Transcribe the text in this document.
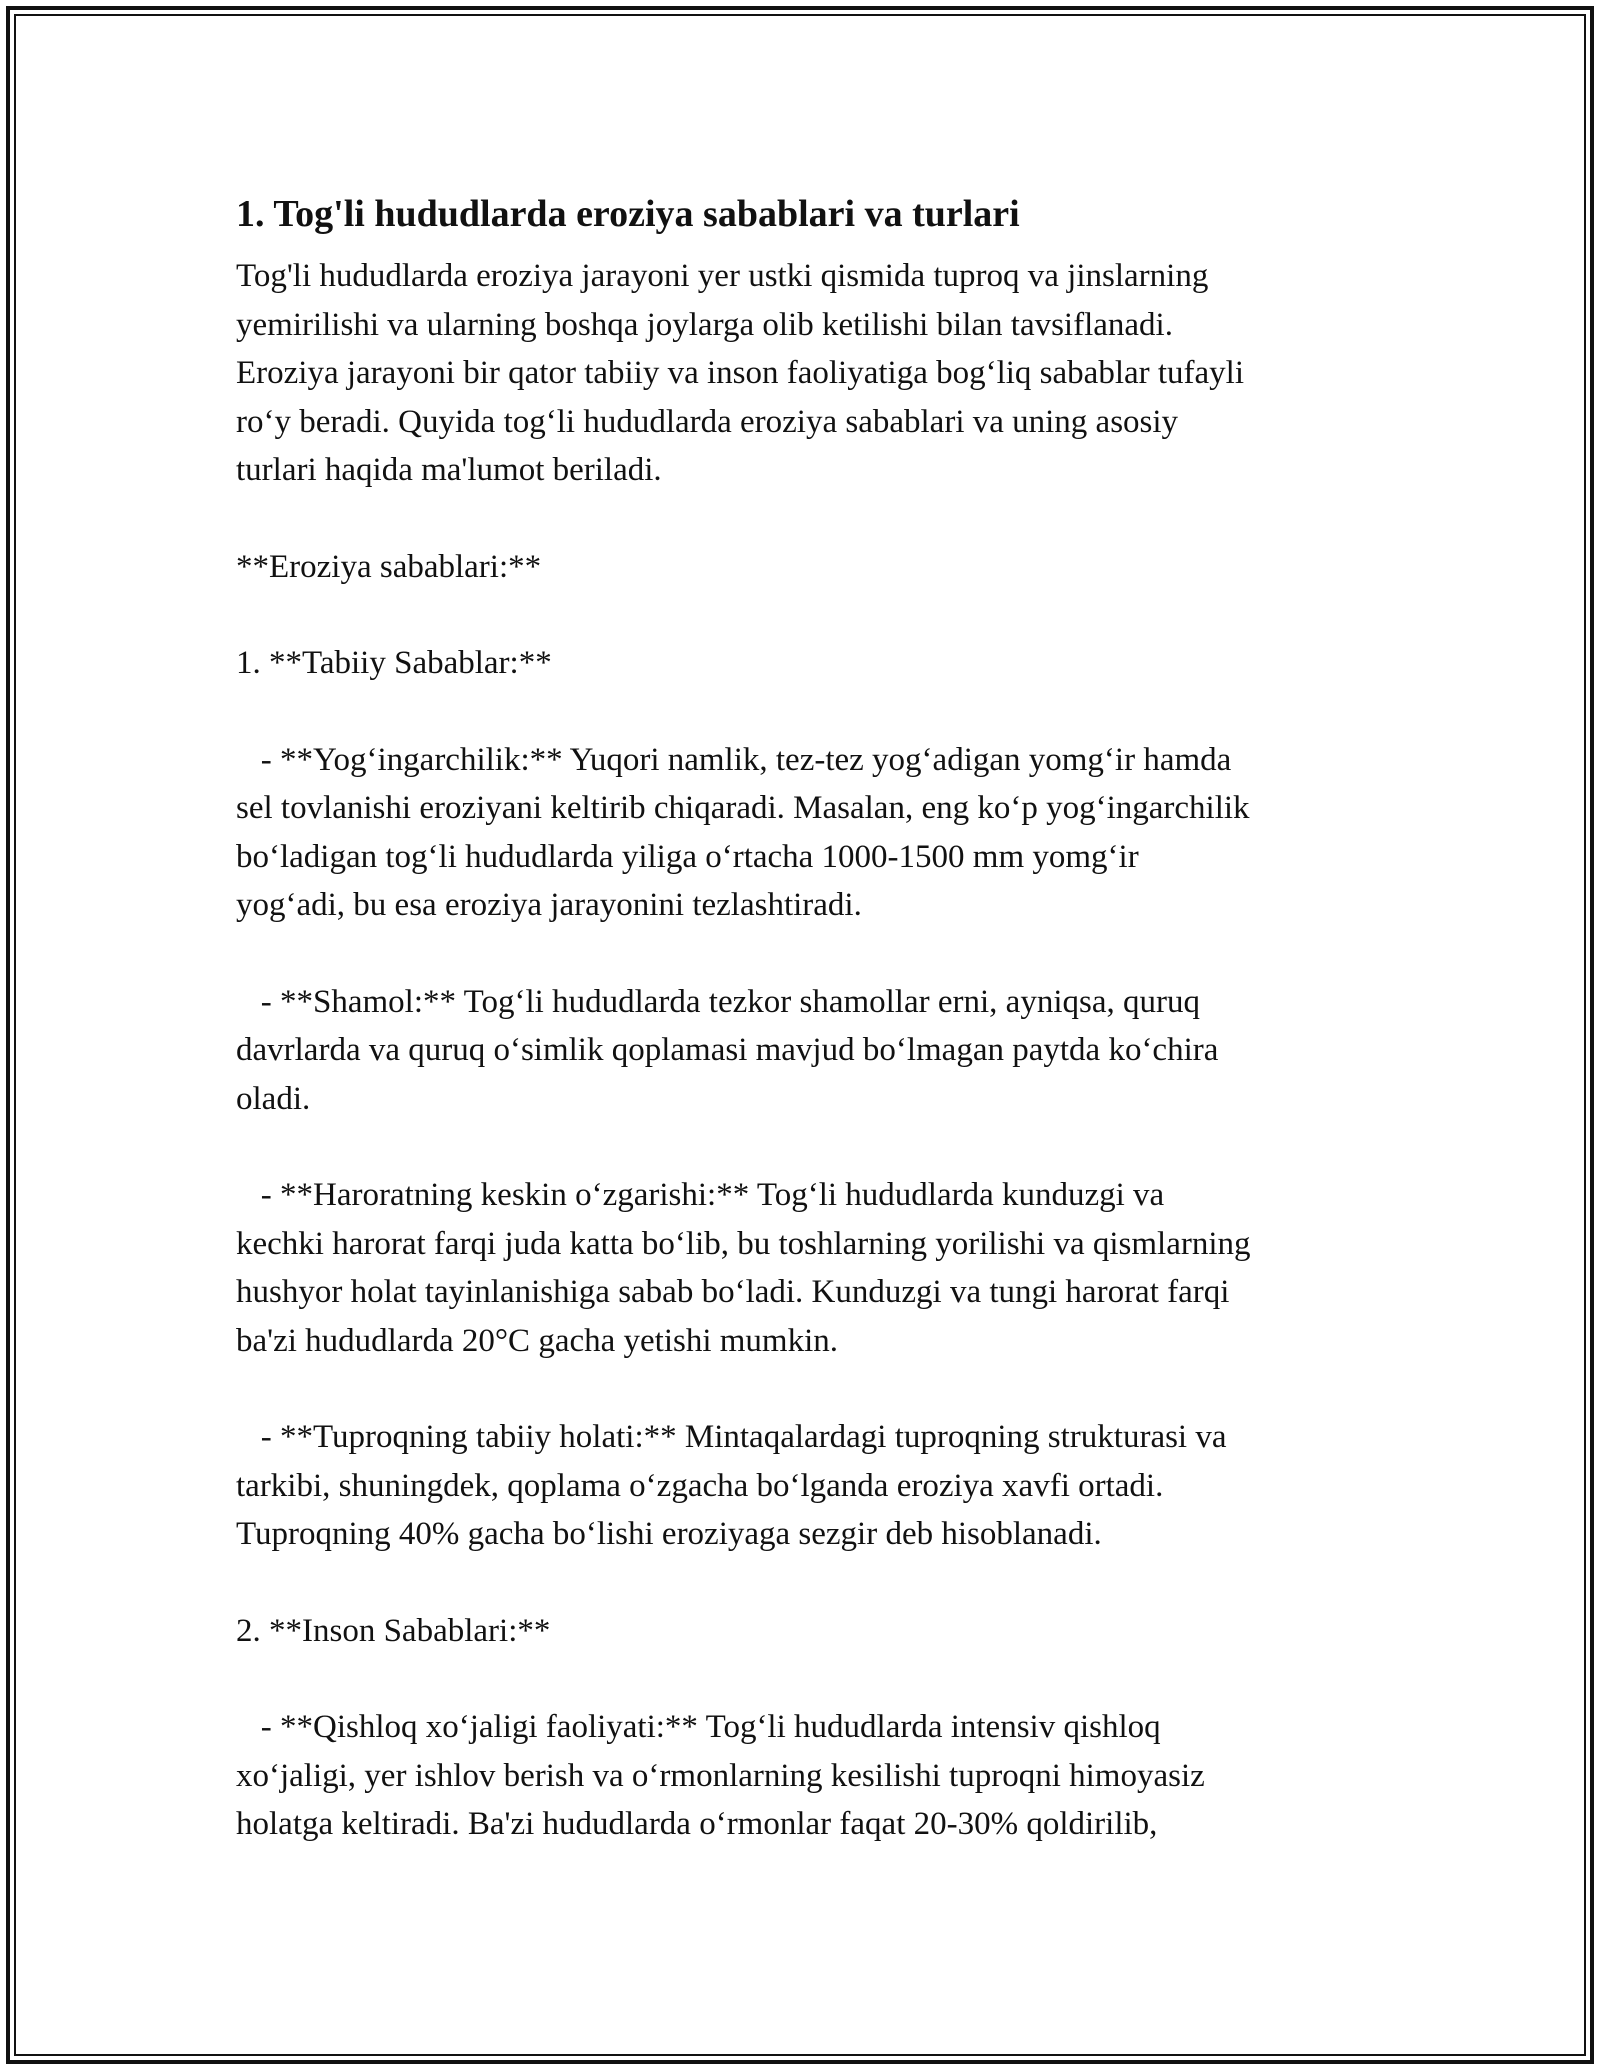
1. Tog'li hududlarda eroziya sabablari va turlari

Tog'li hududlarda eroziya jarayoni yer ustki qismida tuproq va jinslarning
yemirilishi va ularning boshqa joylarga olib ketilishi bilan tavsiflanadi.
Eroziya jarayoni bir qator tabiiy va inson faoliyatiga bogʻliq sabablar tufayli
roʻy beradi. Quyida togʻli hududlarda eroziya sabablari va uning asosiy
turlari haqida ma'lumot beriladi.

**Eroziya sabablari:**

1. **Tabiiy Sabablar:**

- **Yogʻingarchilik:** Yuqori namlik, tez-tez yogʻadigan yomgʻir hamda
sel tovlanishi eroziyani keltirib chiqaradi. Masalan, eng koʻp yogʻingarchilik
boʻladigan togʻli hududlarda yiliga oʻrtacha 1000-1500 mm yomgʻir
yogʻadi, bu esa eroziya jarayonini tezlashtiradi.

- **Shamol:** Togʻli hududlarda tezkor shamollar erni, ayniqsa, quruq
davrlarda va quruq oʻsimlik qoplamasi mavjud boʻlmagan paytda koʻchira
oladi.

- **Haroratning keskin oʻzgarishi:** Togʻli hududlarda kunduzgi va
kechki harorat farqi juda katta boʻlib, bu toshlarning yorilishi va qismlarning
hushyor holat tayinlanishiga sabab boʻladi. Kunduzgi va tungi harorat farqi
ba'zi hududlarda 20°C gacha yetishi mumkin.

- **Tuproqning tabiiy holati:** Mintaqalardagi tuproqning strukturasi va
tarkibi, shuningdek, qoplama oʻzgacha boʻlganda eroziya xavfi ortadi.
Tuproqning 40% gacha boʻlishi eroziyaga sezgir deb hisoblanadi.

2. **Inson Sabablari:**

- **Qishloq xoʻjaligi faoliyati:** Togʻli hududlarda intensiv qishloq
xoʻjaligi, yer ishlov berish va oʻrmonlarning kesilishi tuproqni himoyasiz
holatga keltiradi. Ba'zi hududlarda oʻrmonlar faqat 20-30% qoldirilib,
